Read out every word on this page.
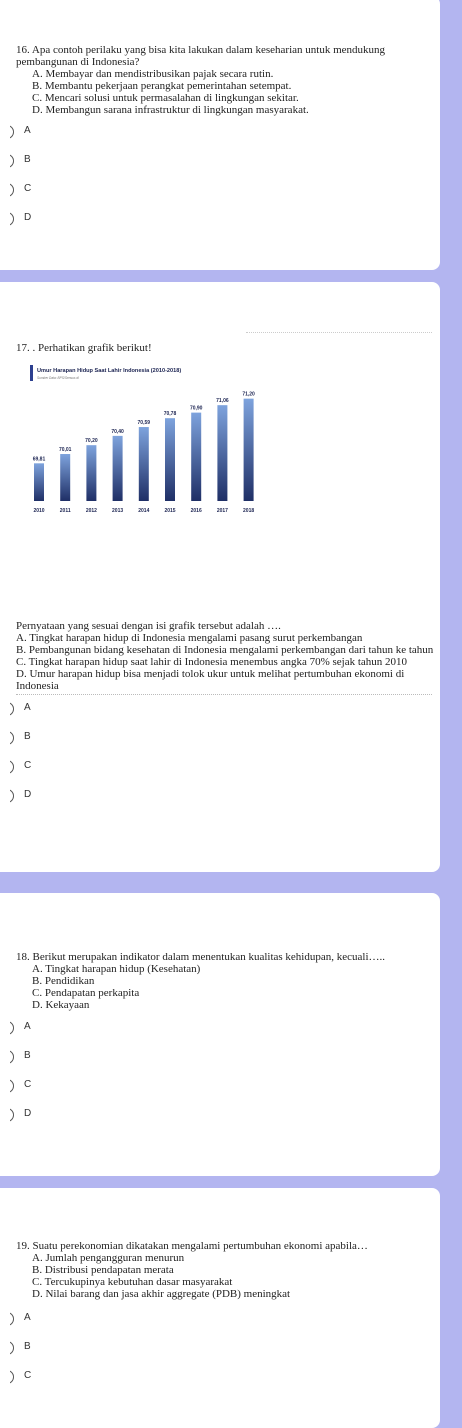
16. Apa contoh perilaku yang bisa kita lakukan dalam keseharian untuk mendukung pembangunan di Indonesia?

A. Membayar dan mendistribusikan pajak secara rutin.
B. Membantu pekerjaan perangkat pemerintahan setempat.
C. Mencari solusi untuk permasalahan di lingkungan sekitar.
D. Membangun sarana infrastruktur di lingkungan masyarakat.
A
B
C
D

17. . Perhatikan grafik berikut!

Umur Harapan Hidup Saat Lahir Indonesia (2010-2018)
Sumber Data: BPS/Sensus di
69,81
2010
70,01
2011
70,20
2012
70,40
2013
70,59
2014
70,78
2015
70,90
2016
71,06
2017
71,20
2018

Pernyataan yang sesuai dengan isi grafik tersebut adalah ….

A. Tingkat harapan hidup di Indonesia mengalami pasang surut perkembangan
B. Pembangunan bidang kesehatan di Indonesia mengalami perkembangan dari tahun ke tahun
C. Tingkat harapan hidup saat lahir di Indonesia menembus angka 70% sejak tahun 2010
D. Umur harapan hidup bisa menjadi tolok ukur untuk melihat pertumbuhan ekonomi di Indonesia
A
B
C
D

18. Berikut merupakan indikator dalam menentukan kualitas kehidupan, kecuali…..

A. Tingkat harapan hidup (Kesehatan)
B. Pendidikan
C. Pendapatan perkapita
D. Kekayaan
A
B
C
D

19. Suatu perekonomian dikatakan mengalami pertumbuhan ekonomi apabila…

A. Jumlah pengangguran menurun
B. Distribusi pendapatan merata
C. Tercukupinya kebutuhan dasar masyarakat
D. Nilai barang dan jasa akhir aggregate (PDB) meningkat
A
B
C
